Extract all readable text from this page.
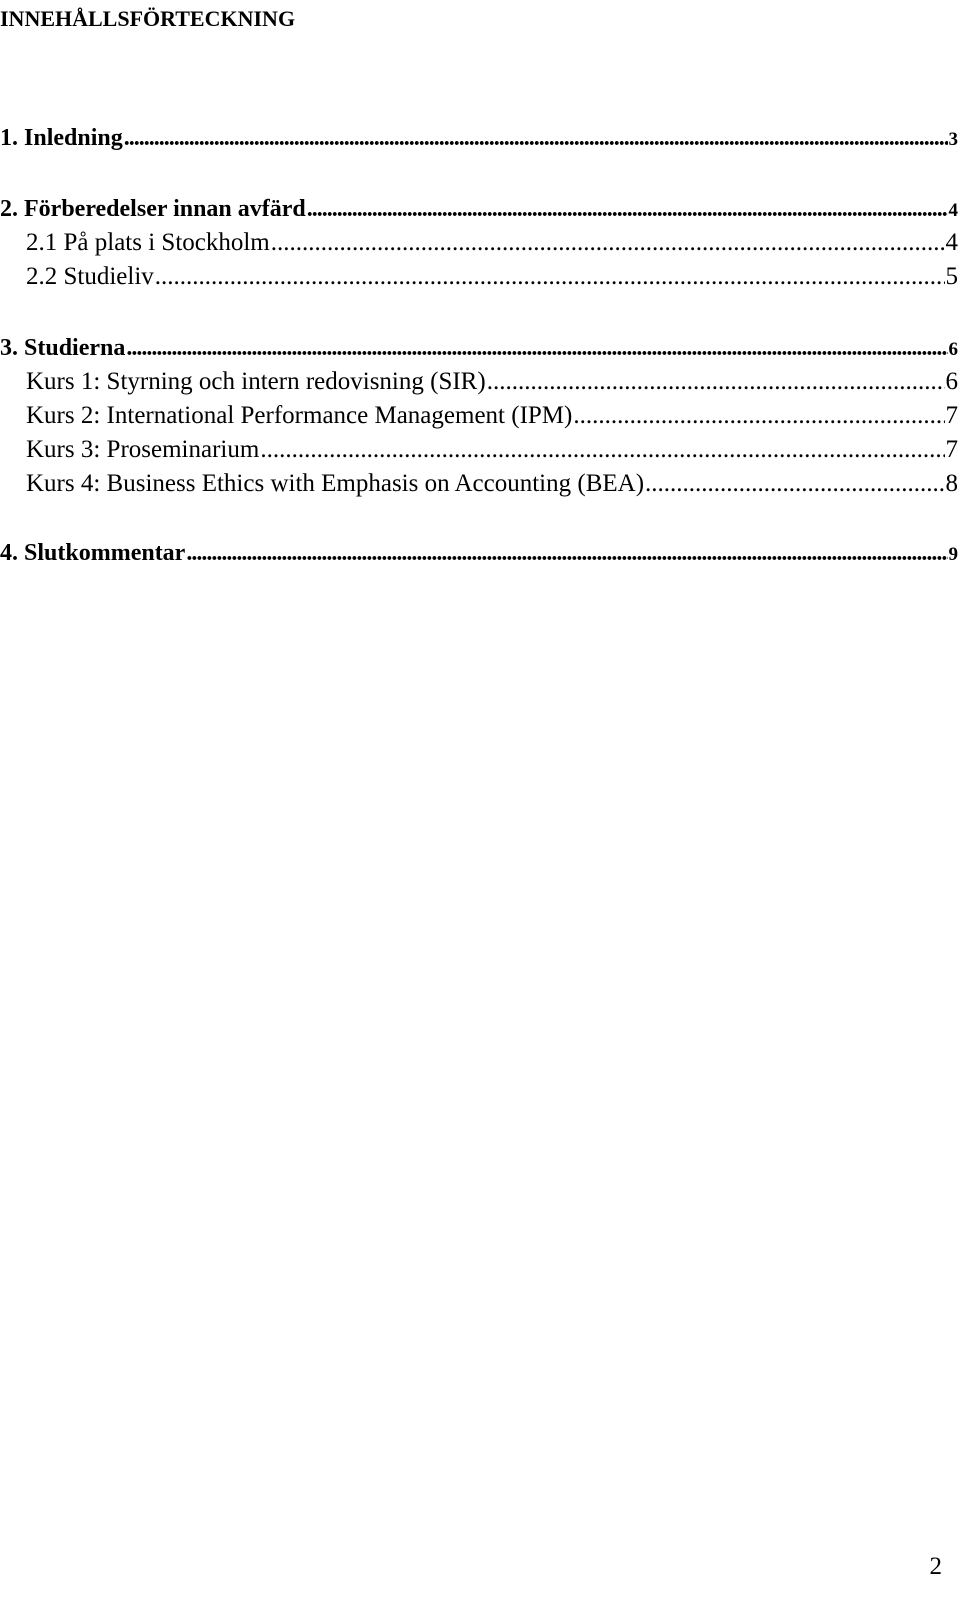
INNEHÅLLSFÖRTECKNING
1. Inledning .....	3
2. Förberedelser innan avfärd .....	4
2.1 På plats i Stockholm .....	4
2.2 Studieliv .....	5
3. Studierna .....	6
Kurs 1: Styrning och intern redovisning (SIR) .....	6
Kurs 2: International Performance Management (IPM) .....	7
Kurs 3: Proseminarium .....	7
Kurs 4: Business Ethics with Emphasis on Accounting (BEA) .....	8
4. Slutkommentar .....	9
2
